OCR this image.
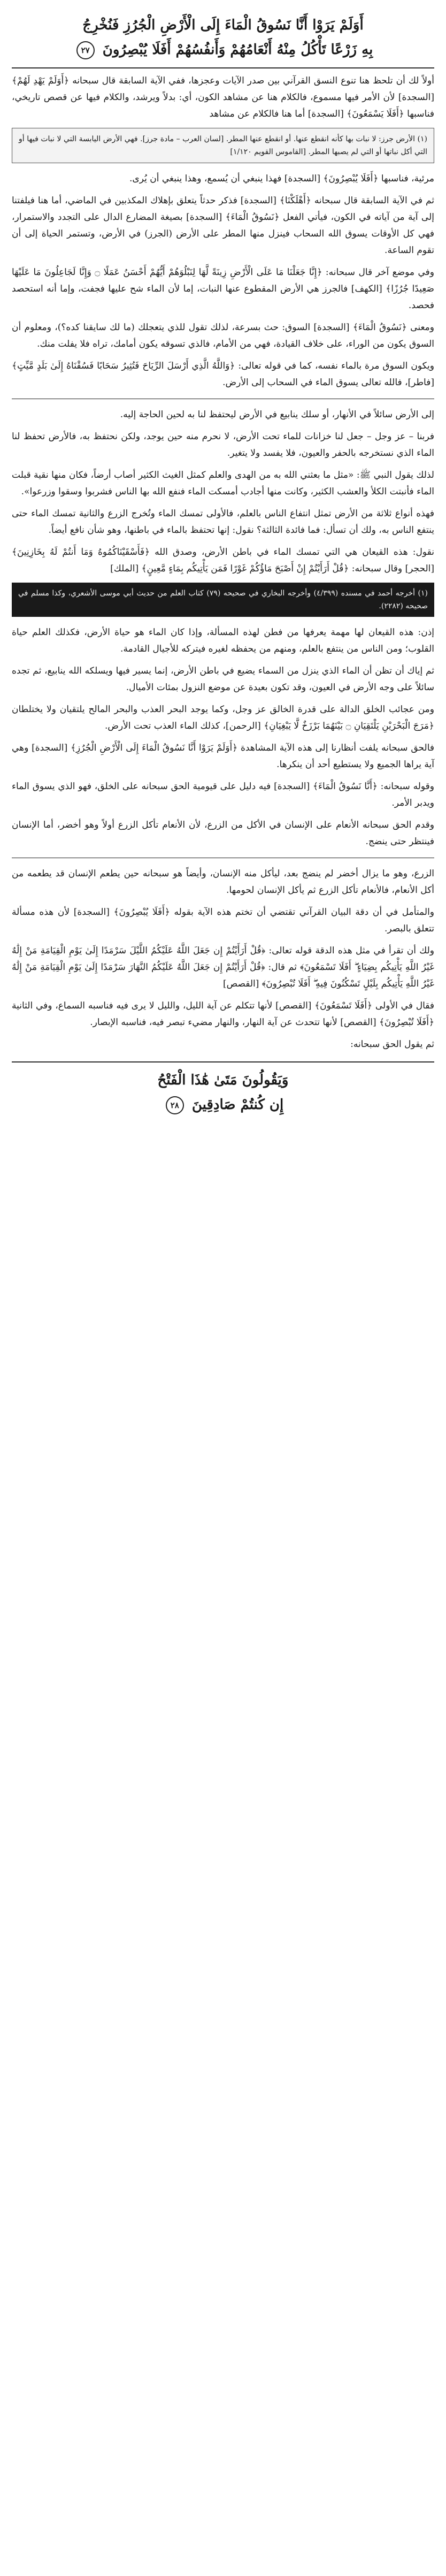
أَوَلَمْ يَرَوْا أَنَّا نَسُوقُ الْمَاءَ إِلَى الْأَرْضِ الْجُرُزِ فَنُخْرِجُ
بِهِ زَرْعًا تَأْكُلُ مِنْهُ أَنْعَامُهُمْ وَأَنفُسُهُمْ أَفَلَا يُبْصِرُونَ ٢٧

أولاً لك أن تلحظ هنا تنوع النسق القرآني بين صدر الآيات وعجزها، ففي الآية السابقة قال سبحانه ﴿أَوَلَمْ يَهْدِ لَهُمْ﴾ [السجدة] لأن الأمر فيها مسموع، فالكلام هنا عن مشاهد الكون، أي: بدلاً ويرشد، والكلام فيها عن قصص تاريخي، فناسبها ﴿أَفَلَا يَسْمَعُونَ﴾ [السجدة] أما هنا فالكلام عن مشاهد

(١) الأرض جرز: لا نبات بها كأنه انقطع عنها. أو انقطع عنها المطر. [لسان العرب – مادة جرز]. فهي الأرض اليابسة التي لا نبات فيها أو التي أكل نباتها أو التي لم يصبها المطر. [القاموس القويم ١/١٢٠]

مرئية، فناسبها ﴿أَفَلَا يُبْصِرُونَ﴾ [السجدة] فهذا ينبغي أن يُسمع، وهذا ينبغي أن يُرى.

ثم في الآية السابقة قال سبحانه ﴿أَهْلَكْنَا﴾ [السجدة] فذكر حدثاً يتعلق بإهلاك المكذبين في الماضي، أما هنا فيلفتنا إلى آية من آياته في الكون، فيأتي الفعل ﴿نَسُوقُ الْمَاءَ﴾ [السجدة] بصيغة المضارع الدال على التجدد والاستمرار، فهي كل الأوقات يسوق الله السحاب فينزل منها المطر على الأرض (الجرز) في الأرض، وتستمر الحياة إلى أن تقوم الساعة.

وفي موضع آخر قال سبحانه: ﴿إِنَّا جَعَلْنَا مَا عَلَى الْأَرْضِ زِينَةً لَّهَا لِنَبْلُوَهُمْ أَيُّهُمْ أَحْسَنُ عَمَلًا ۝ وَإِنَّا لَجَاعِلُونَ مَا عَلَيْهَا صَعِيدًا جُرُزًا﴾ [الكهف] فالجرز هي الأرض المقطوع عنها النبات، إما لأن الماء شح عليها فجفت، وإما أنه استحصد فحصد.

ومعنى ﴿نَسُوقُ الْمَاءَ﴾ [السجدة] السوق: حث بسرعة، لذلك تقول للذي يتعجلك (ما لك سايقنا كده؟)، ومعلوم أن السوق يكون من الوراء، على خلاف القيادة، فهي من الأمام، فالذي تسوقه يكون أمامك، تراه فلا يفلت منك.

ويكون السوق مرة بالماء نفسه، كما في قوله تعالى: ﴿وَاللَّهُ الَّذِي أَرْسَلَ الرِّيَاحَ فَتُثِيرُ سَحَابًا فَسُقْنَاهُ إِلَىٰ بَلَدٍ مَّيِّتٍ﴾ [فاطر]، فالله تعالى يسوق الماء في السحاب إلى الأرض.

إلى الأرض سائلاً في الأنهار، أو سلك ينابيع في الأرض ليحتفظ لنا به لحين الحاجة إليه.

فربنا – عز وجل – جعل لنا خزانات للماء تحت الأرض، لا نحرم منه حين يوجد، ولكن نحتفظ به، فالأرض تحفظ لنا الماء الذي نستخرجه بالحفر والعيون، فلا يفسد ولا يتغير.

لذلك يقول النبي ﷺ: «مثل ما بعثني الله به من الهدى والعلم كمثل الغيث الكثير أصاب أرضاً، فكان منها نقية قبلت الماء فأنبتت الكلأ والعشب الكثير، وكانت منها أجادب أمسكت الماء فنفع الله بها الناس فشربوا وسقوا وزرعوا».

فهذه أنواع ثلاثة من الأرض تمثل انتفاع الناس بالعلم، فالأولى تمسك الماء وتُخرج الزرع والثانية تمسك الماء حتى ينتفع الناس به، ولك أن تسأل: فما فائدة الثالثة؟ نقول: إنها تحتفظ بالماء في باطنها، وهو شأن نافع أيضاً.

نقول: هذه القيعان هي التي تمسك الماء في باطن الأرض، وصدق الله ﴿فَأَسْقَيْنَاكُمُوهُ وَمَا أَنتُمْ لَهُ بِخَازِنِينَ﴾ [الحجر] وقال سبحانه: ﴿قُلْ أَرَأَيْتُمْ إِنْ أَصْبَحَ مَاؤُكُمْ غَوْرًا فَمَن يَأْتِيكُم بِمَاءٍ مَّعِينٍ﴾ [الملك]

(١) أخرجه أحمد في مسنده (٤/٣٩٩) وأخرجه البخاري في صحيحه (٧٩) كتاب العلم من حديث أبي موسى الأشعري، وكذا مسلم في صحيحه (٢٢٨٢).

إذن: هذه القيعان لها مهمة يعرفها من فطن لهذه المسألة، وإذا كان الماء هو حياة الأرض، فكذلك العلم حياة القلوب؛ ومن الناس من ينتفع بالعلم، ومنهم من يحفظه لغيره فيتركه للأجيال القادمة.

ثم إياك أن تظن أن الماء الذي ينزل من السماء يضيع في باطن الأرض، إنما يسير فيها ويسلكه الله ينابيع، ثم تجده سائلاً على وجه الأرض في العيون، وقد تكون بعيدة عن موضع النزول بمئات الأميال.

ومن عجائب الخلق الدالة على قدرة الخالق عز وجل، وكما يوجد البحر العذب والبحر المالح يلتقيان ولا يختلطان ﴿مَرَجَ الْبَحْرَيْنِ يَلْتَقِيَانِ ۝ بَيْنَهُمَا بَرْزَخٌ لَّا يَبْغِيَانِ﴾ [الرحمن]، كذلك الماء العذب تحت الأرض.

فالحق سبحانه يلفت أنظارنا إلى هذه الآية المشاهدة ﴿أَوَلَمْ يَرَوْا أَنَّا نَسُوقُ الْمَاءَ إِلَى الْأَرْضِ الْجُرُزِ﴾ [السجدة] وهي آية يراها الجميع ولا يستطيع أحد أن ينكرها.

وقوله سبحانه: ﴿أَنَّا نَسُوقُ الْمَاءَ﴾ [السجدة] فيه دليل على قيومية الحق سبحانه على الخلق، فهو الذي يسوق الماء ويدبر الأمر.

وقدم الحق سبحانه الأنعام على الإنسان في الأكل من الزرع، لأن الأنعام تأكل الزرع أولاً وهو أخضر، أما الإنسان فينتظر حتى ينضج.

الزرع، وهو ما يزال أخضر لم ينضج بعد، ليأكل منه الإنسان، وأيضاً هو سبحانه حين يطعم الإنسان قد يطعمه من أكل الأنعام، فالأنعام تأكل الزرع ثم يأكل الإنسان لحومها.

والمتأمل في أن دقة البيان القرآني تقتضي أن تختم هذه الآية بقوله ﴿أَفَلَا يُبْصِرُونَ﴾ [السجدة] لأن هذه مسألة تتعلق بالبصر.

ولك أن تقرأ في مثل هذه الدقة قوله تعالى: ﴿قُلْ أَرَأَيْتُمْ إِن جَعَلَ اللَّهُ عَلَيْكُمُ اللَّيْلَ سَرْمَدًا إِلَىٰ يَوْمِ الْقِيَامَةِ مَنْ إِلَٰهٌ غَيْرُ اللَّهِ يَأْتِيكُم بِضِيَاءٍ ۖ أَفَلَا تَسْمَعُونَ﴾ ثم قال: ﴿قُلْ أَرَأَيْتُمْ إِن جَعَلَ اللَّهُ عَلَيْكُمُ النَّهَارَ سَرْمَدًا إِلَىٰ يَوْمِ الْقِيَامَةِ مَنْ إِلَٰهٌ غَيْرُ اللَّهِ يَأْتِيكُم بِلَيْلٍ تَسْكُنُونَ فِيهِ ۖ أَفَلَا تُبْصِرُونَ﴾ [القصص]

فقال في الأولى ﴿أَفَلَا تَسْمَعُونَ﴾ [القصص] لأنها تتكلم عن آية الليل، والليل لا يرى فيه فناسبه السماع، وفي الثانية ﴿أَفَلَا تُبْصِرُونَ﴾ [القصص] لأنها تتحدث عن آية النهار، والنهار مضيء تبصر فيه، فناسبه الإبصار.

ثم يقول الحق سبحانه:

وَيَقُولُونَ مَتَىٰ هَٰذَا الْفَتْحُ
إِن كُنتُمْ صَادِقِينَ ٢٨
